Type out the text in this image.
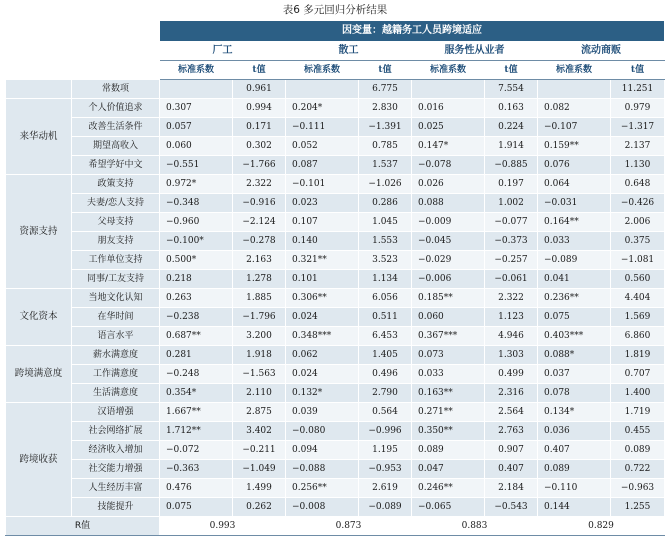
表6 多元回归分析结果
		因变量：越籍务工人员跨境适应							
		厂工		散工		服务性从业者		流动商贩	
		标准系数	t值	标准系数	t值	标准系数	t值	标准系数	t值
	常数项		0.961		6.775		7.554		11.251
来华动机	个人价值追求	0.307	0.994	0.204*	2.830	0.016	0.163	0.082	0.979
	改善生活条件	0.057	0.171	−0.111	−1.391	0.025	0.224	−0.107	−1.317
	期望高收入	0.060	0.302	0.052	0.785	0.147*	1.914	0.159**	2.137
	希望学好中文	−0.551	−1.766	0.087	1.537	−0.078	−0.885	0.076	1.130
资源支持	政策支持	0.972*	2.322	−0.101	−1.026	0.026	0.197	0.064	0.648
	夫妻/恋人支持	−0.348	−0.916	0.023	0.286	0.088	1.002	−0.031	−0.426
	父母支持	−0.960	−2.124	0.107	1.045	−0.009	−0.077	0.164**	2.006
	朋友支持	−0.100*	−0.278	0.140	1.553	−0.045	−0.373	0.033	0.375
	工作单位支持	0.500*	2.163	0.321**	3.523	−0.029	−0.257	−0.089	−1.081
	同事/工友支持	0.218	1.278	0.101	1.134	−0.006	−0.061	0.041	0.560
文化资本	当地文化认知	0.263	1.885	0.306**	6.056	0.185**	2.322	0.236**	4.404
	在华时间	−0.238	−1.796	0.024	0.511	0.060	1.123	0.075	1.569
	语言水平	0.687**	3.200	0.348***	6.453	0.367***	4.946	0.403***	6.860
跨境满意度	薪水满意度	0.281	1.918	0.062	1.405	0.073	1.303	0.088*	1.819
	工作满意度	−0.248	−1.563	0.024	0.496	0.033	0.499	0.037	0.707
	生活满意度	0.354*	2.110	0.132*	2.790	0.163**	2.316	0.078	1.400
跨境收获	汉语增强	1.667**	2.875	0.039	0.564	0.271**	2.564	0.134*	1.719
	社会网络扩展	1.712**	3.402	−0.080	−0.996	0.350**	2.763	0.036	0.455
	经济收入增加	−0.072	−0.211	0.094	1.195	0.089	0.907	0.407	0.089
	社交能力增强	−0.363	−1.049	−0.088	−0.953	0.047	0.407	0.089	0.722
	人生经历丰富	0.476	1.499	0.256**	2.619	0.246**	2.184	−0.110	−0.963
	技能提升	0.075	0.262	−0.008	−0.089	−0.065	−0.543	0.144	1.255
R值		0.993		0.873		0.883		0.829	
